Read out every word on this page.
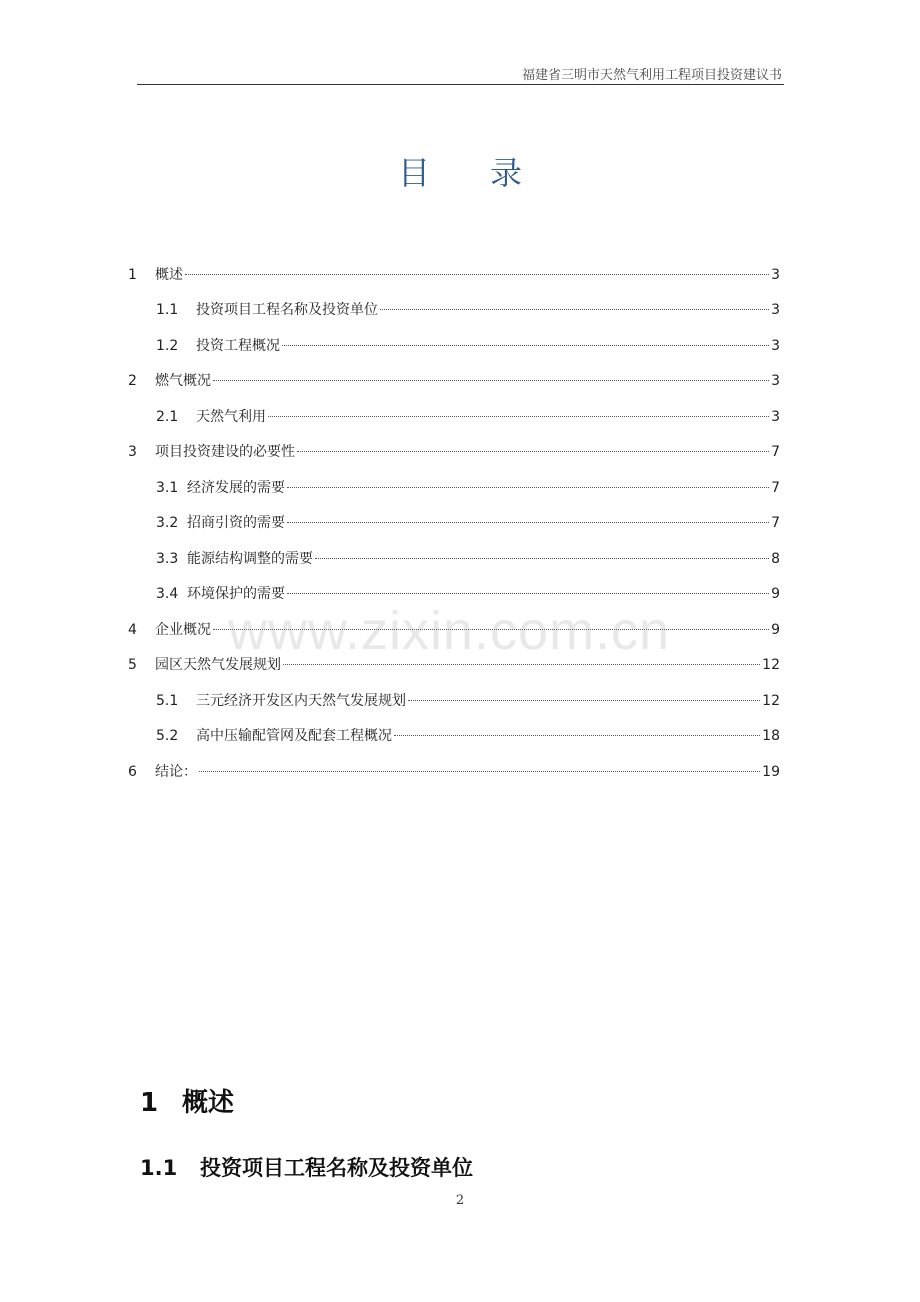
福建省三明市天然气利用工程项目投资建议书
目录
1	概述	3
1.1	投资项目工程名称及投资单位	3
1.2	投资工程概况	3
2	燃气概况	3
2.1	天然气利用	3
3	项目投资建设的必要性	7
3.1 经济发展的需要	7
3.2 招商引资的需要	7
3.3 能源结构调整的需要	8
3.4 环境保护的需要	9
4	企业概况	9
5	园区天然气发展规划	12
5.1	三元经济开发区内天然气发展规划	12
5.2	高中压输配管网及配套工程概况	18
6	结论：	19
www.zixin.com.cn
1 概述
1.1 投资项目工程名称及投资单位
2
